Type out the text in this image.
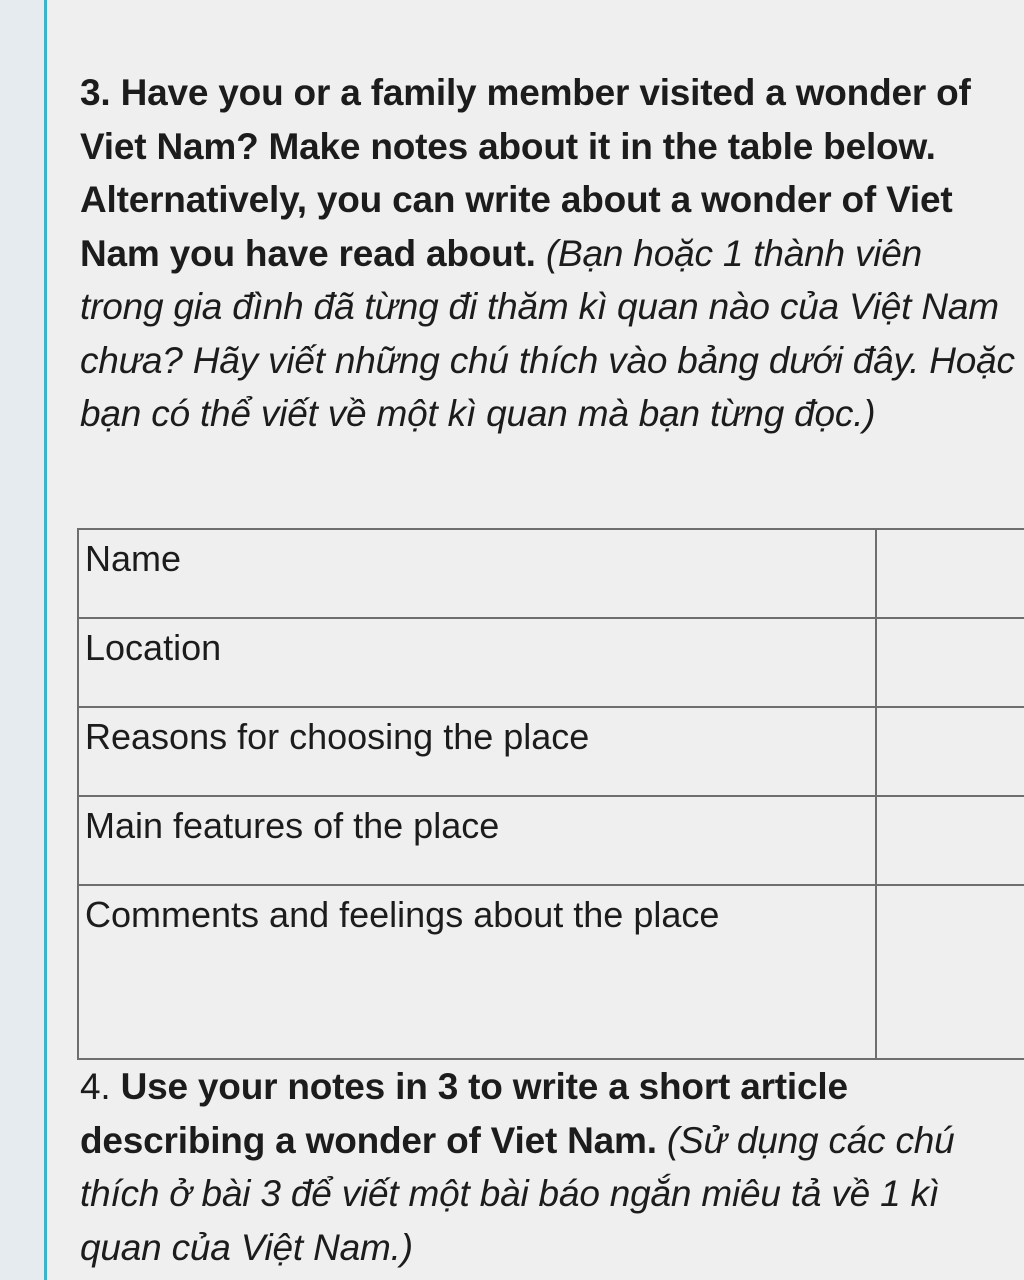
3. Have you or a family member visited a wonder of Viet Nam? Make notes about it in the table below. Alternatively, you can write about a wonder of Viet Nam you have read about. (Bạn hoặc 1 thành viên trong gia đình đã từng đi thăm kì quan nào của Việt Nam chưa? Hãy viết những chú thích vào bảng dưới đây. Hoặc bạn có thể viết về một kì quan mà bạn từng đọc.)
Name	
Location	
Reasons for choosing the place	
Main features of the place	
Comments and feelings about the place	
4. Use your notes in 3 to write a short article describing a wonder of Viet Nam. (Sử dụng các chú thích ở bài 3 để viết một bài báo ngắn miêu tả về 1 kì quan của Việt Nam.)
